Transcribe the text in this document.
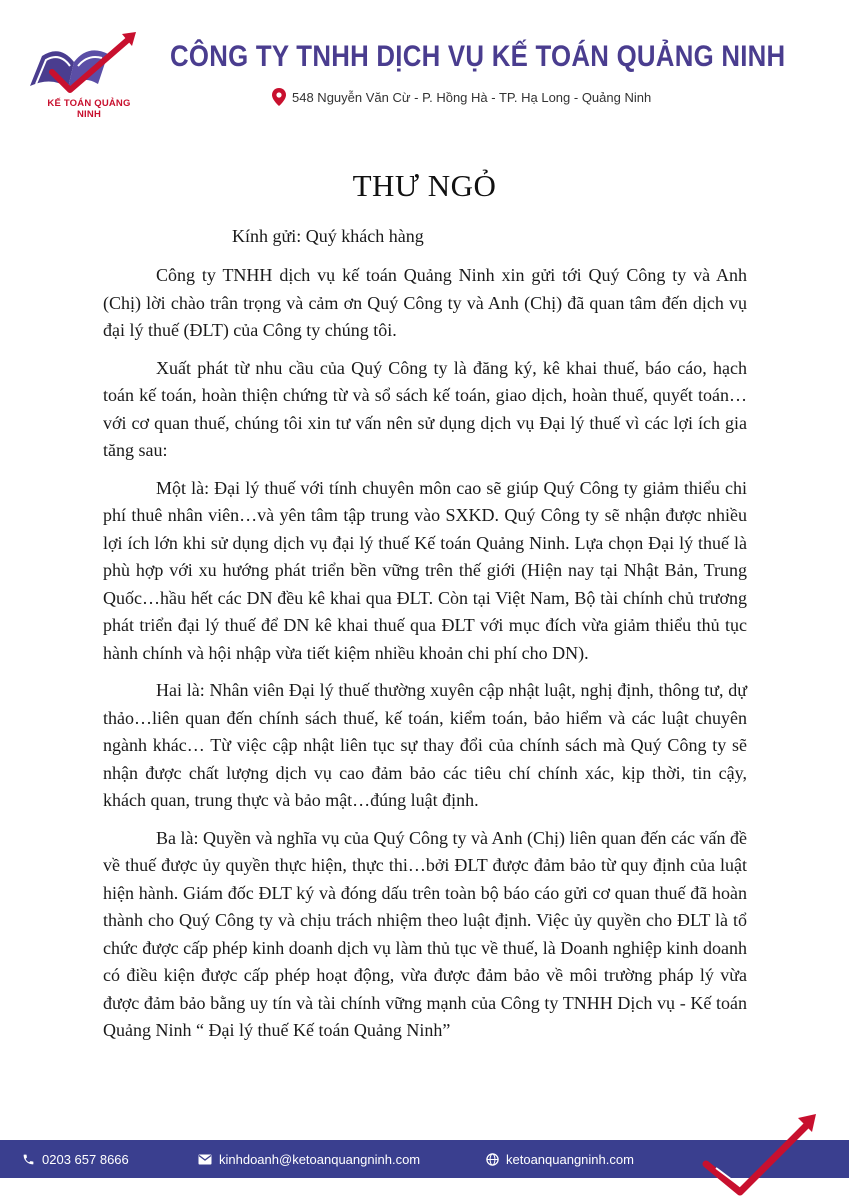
KẾ TOÁN QUẢNG NINH
CÔNG TY TNHH DỊCH VỤ KẾ TOÁN QUẢNG NINH
548 Nguyễn Văn Cừ - P. Hồng Hà - TP. Hạ Long - Quảng Ninh
THƯ NGỎ
Kính gửi: Quý khách hàng

Công ty TNHH dịch vụ kế toán Quảng Ninh xin gửi tới Quý Công ty và Anh (Chị) lời chào trân trọng và cảm ơn Quý Công ty và Anh (Chị) đã quan tâm đến dịch vụ đại lý thuế (ĐLT) của Công ty chúng tôi.

Xuất phát từ nhu cầu của Quý Công ty là đăng ký, kê khai thuế, báo cáo, hạch toán kế toán, hoàn thiện chứng từ và sổ sách kế toán, giao dịch, hoàn thuế, quyết toán…với cơ quan thuế, chúng tôi xin tư vấn nên sử dụng dịch vụ Đại lý thuế vì các lợi ích gia tăng sau:

Một là: Đại lý thuế với tính chuyên môn cao sẽ giúp Quý Công ty giảm thiểu chi phí thuê nhân viên…và yên tâm tập trung vào SXKD. Quý Công ty sẽ nhận được nhiều lợi ích lớn khi sử dụng dịch vụ đại lý thuế Kế toán Quảng Ninh. Lựa chọn Đại lý thuế là phù hợp với xu hướng phát triển bền vững trên thế giới (Hiện nay tại Nhật Bản, Trung Quốc…hầu hết các DN đều kê khai qua ĐLT. Còn tại Việt Nam, Bộ tài chính chủ trương phát triển đại lý thuế để DN kê khai thuế qua ĐLT với mục đích vừa giảm thiểu thủ tục hành chính và hội nhập vừa tiết kiệm nhiều khoản chi phí cho DN).

Hai là: Nhân viên Đại lý thuế thường xuyên cập nhật luật, nghị định, thông tư, dự thảo…liên quan đến chính sách thuế, kế toán, kiểm toán, bảo hiểm và các luật chuyên ngành khác… Từ việc cập nhật liên tục sự thay đổi của chính sách mà Quý Công ty sẽ nhận được chất lượng dịch vụ cao đảm bảo các tiêu chí chính xác, kịp thời, tin cậy, khách quan, trung thực và bảo mật…đúng luật định.

Ba là: Quyền và nghĩa vụ của Quý Công ty và Anh (Chị) liên quan đến các vấn đề về thuế được ủy quyền thực hiện, thực thi…bởi ĐLT được đảm bảo từ quy định của luật hiện hành. Giám đốc ĐLT ký và đóng dấu trên toàn bộ báo cáo gửi cơ quan thuế đã hoàn thành cho Quý Công ty và chịu trách nhiệm theo luật định. Việc ủy quyền cho ĐLT là tổ chức được cấp phép kinh doanh dịch vụ làm thủ tục về thuế, là Doanh nghiệp kinh doanh có điều kiện được cấp phép hoạt động, vừa được đảm bảo về môi trường pháp lý vừa được đảm bảo bằng uy tín và tài chính vững mạnh của Công ty TNHH Dịch vụ - Kế toán Quảng Ninh “ Đại lý thuế Kế toán Quảng Ninh”

0203 657 8666	kinhdoanh@ketoanquangninh.com	ketoanquangninh.com
